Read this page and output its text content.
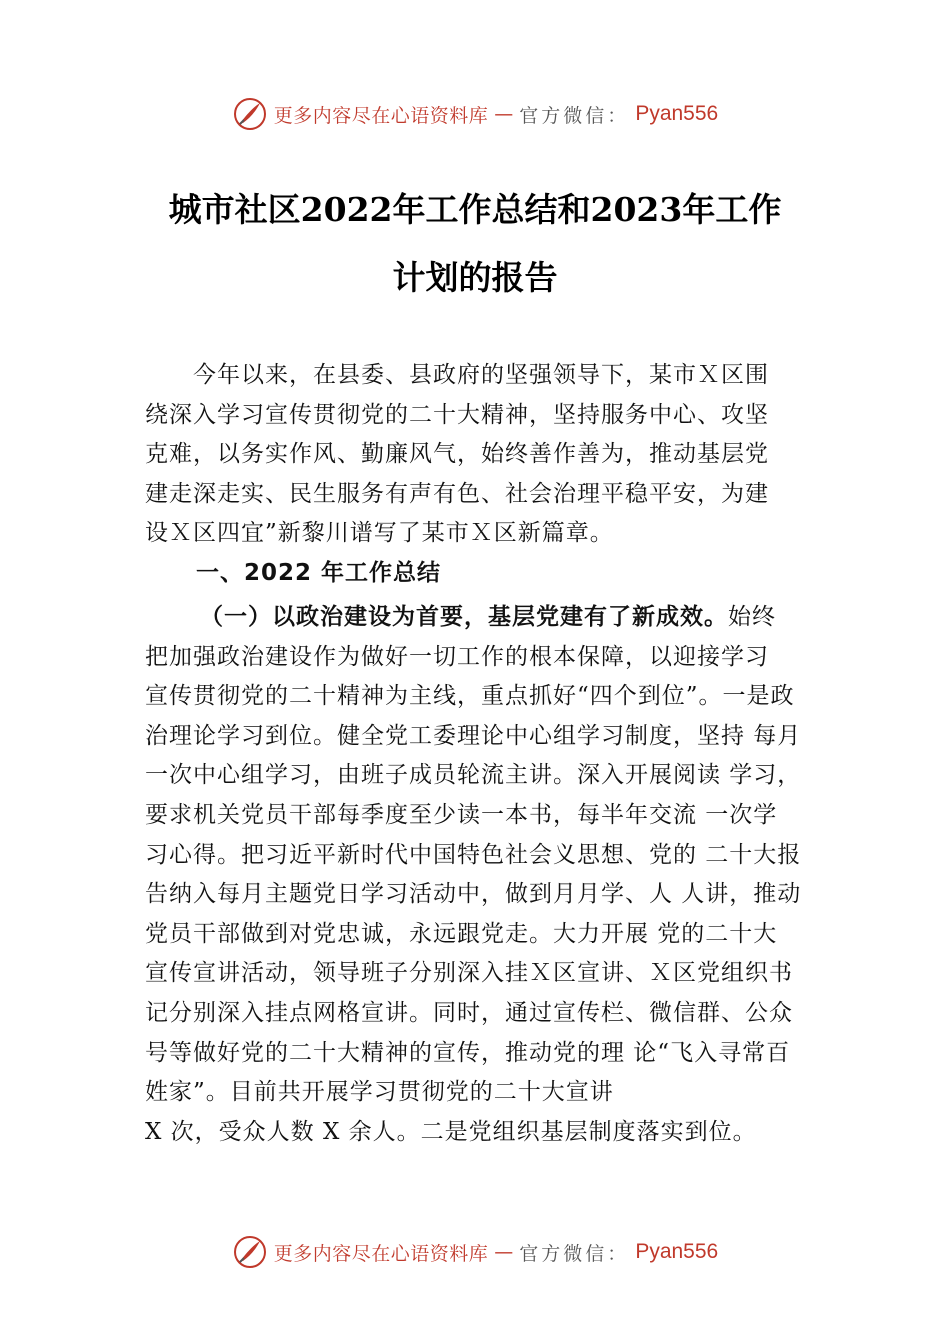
更多内容尽在心语资料库 — 官方微信： Pyan556
城市社区2022年工作总结和2023年工作
计划的报告
　　今年以来，在县委、县政府的坚强领导下，某市Ｘ区围
绕深入学习宣传贯彻党的二十大精神，坚持服务中心、攻坚
克难，以务实作风、勤廉风气，始终善作善为，推动基层党
建走深走实、民生服务有声有色、社会治理平稳平安，为建
设Ｘ区四宜”新黎川谱写了某市Ｘ区新篇章。
一、2022 年工作总结
（一）以政治建设为首要，基层党建有了新成效。始终
把加强政治建设作为做好一切工作的根本保障，以迎接学习
宣传贯彻党的二十精神为主线，重点抓好“四个到位”。一是政
治理论学习到位。健全党工委理论中心组学习制度，坚持 每月
一次中心组学习，由班子成员轮流主讲。深入开展阅读 学习，
要求机关党员干部每季度至少读一本书，每半年交流 一次学
习心得。把习近平新时代中国特色社会义思想、党的 二十大报
告纳入每月主题党日学习活动中，做到月月学、人 人讲，推动
党员干部做到对党忠诚，永远跟党走。大力开展 党的二十大
宣传宣讲活动，领导班子分别深入挂Ｘ区宣讲、Ｘ区党组织书
记分别深入挂点网格宣讲。同时，通过宣传栏、微信群、公众
号等做好党的二十大精神的宣传，推动党的理 论“飞入寻常百
姓家”。目前共开展学习贯彻党的二十大宣讲
X 次，受众人数 X 余人。二是党组织基层制度落实到位。
更多内容尽在心语资料库 — 官方微信： Pyan556
